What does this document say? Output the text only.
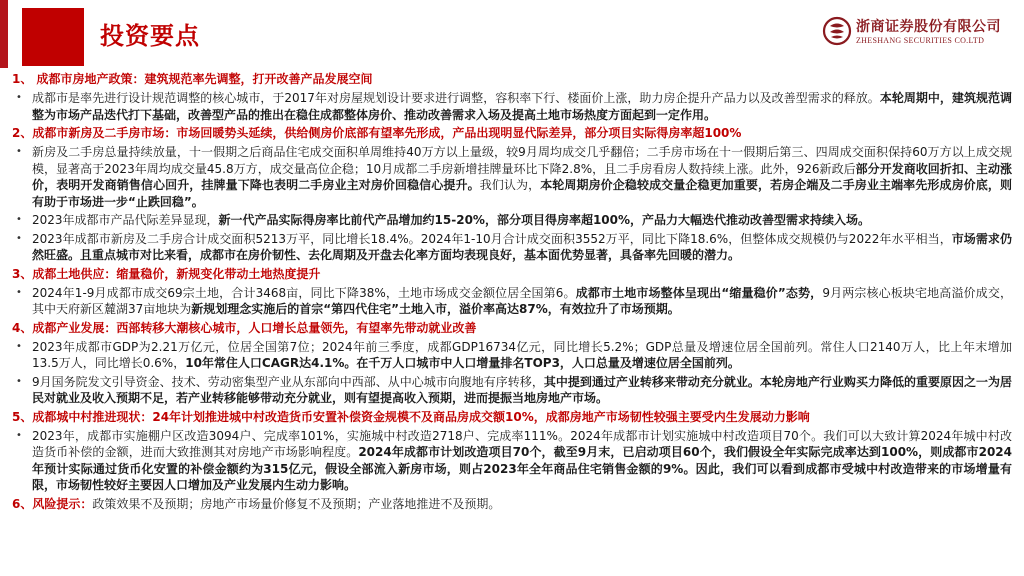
投资要点	浙商证券股份有限公司
ZHESHANG SECURITIES CO.LTD
1、 成都市房地产政策：建筑规范率先调整，打开改善产品发展空间
• 成都市是率先进行设计规范调整的核心城市，于2017年对房屋规划设计要求进行调整，容积率下行、楼面价上涨，助力房企提升产品力以及改善型需求的释放。本轮周期中，建筑规范调整为市场产品迭代打下基础，改善型产品的推出在稳住成都整体房价、推动改善需求入场及提高土地市场热度方面起到一定作用。
2、成都市新房及二手房市场：市场回暖势头延续，供给侧房价底部有望率先形成，产品出现明显代际差异，部分项目实际得房率超100%
• 新房及二手房总量持续放量，十一假期之后商品住宅成交面积单周维持40万方以上量级，较9月周均成交几乎翻倍；二手房市场在十一假期后第三、四周成交面积保持60万方以上成交规模，显著高于2023年周均成交量45.8万方，成交量高位企稳；10月成都二手房新增挂牌量环比下降2.8%，且二手房看房人数持续上涨。此外，926新政后部分开发商收回折扣、主动涨价，表明开发商销售信心回升，挂牌量下降也表明二手房业主对房价回稳信心提升。我们认为，本轮周期房价企稳较成交量企稳更加重要，若房企端及二手房业主端率先形成房价底，则有助于市场进一步“止跌回稳”。
• 2023年成都市产品代际差异显现，新一代产品实际得房率比前代产品增加约15-20%，部分项目得房率超100%，产品力大幅迭代推动改善型需求持续入场。
• 2023年成都市新房及二手房合计成交面积5213万平，同比增长18.4%。2024年1-10月合计成交面积3552万平，同比下降18.6%，但整体成交规模仍与2022年水平相当，市场需求仍然旺盛。且重点城市对比来看，成都市在房价韧性、去化周期及开盘去化率方面均表现良好，基本面优势显著，具备率先回暖的潜力。
3、成都土地供应：缩量稳价，新规变化带动土地热度提升
• 2024年1-9月成都市成交69宗土地，合计3468亩，同比下降38%，土地市场成交金额位居全国第6。成都市土地市场整体呈现出“缩量稳价”态势，9月两宗核心板块宅地高溢价成交，其中天府新区麓湖37亩地块为新规划理念实施后的首宗“第四代住宅”土地入市，溢价率高达87%，有效拉升了市场预期。
4、成都产业发展：西部转移大潮核心城市，人口增长总量领先，有望率先带动就业改善
• 2023年成都市GDP为2.21万亿元，位居全国第7位；2024年前三季度，成都GDP16734亿元，同比增长5.2%；GDP总量及增速位居全国前列。常住人口2140万人，比上年末增加13.5万人，同比增长0.6%，10年常住人口CAGR达4.1%。在千万人口城市中人口增量排名TOP3，人口总量及增速位居全国前列。
• 9月国务院发文引导资金、技术、劳动密集型产业从东部向中西部、从中心城市向腹地有序转移，其中提到通过产业转移来带动充分就业。本轮房地产行业购买力降低的重要原因之一为居民对就业及收入预期不足，若产业转移能够带动充分就业，则有望提高收入预期，进而提振当地房地产市场。
5、成都城中村推进现状：24年计划推进城中村改造货币安置补偿资金规模不及商品房成交额10%，成都房地产市场韧性较强主要受内生发展动力影响
• 2023年，成都市实施棚户区改造3094户、完成率101%，实施城中村改造2718户、完成率111%。2024年成都市计划实施城中村改造项目70个。我们可以大致计算2024年城中村改造货币补偿的金额，进而大致推测其对房地产市场影响程度。2024年成都市计划改造项目70个，截至9月末，已启动项目60个，我们假设全年实际完成率达到100%，则成都市2024年预计实际通过货币化安置的补偿金额约为315亿元，假设全部流入新房市场，则占2023年全年商品住宅销售金额的9%。因此，我们可以看到成都市受城中村改造带来的市场增量有限，市场韧性较好主要因人口增加及产业发展内生动力影响。
6、风险提示：政策效果不及预期；房地产市场量价修复不及预期；产业落地推进不及预期。
